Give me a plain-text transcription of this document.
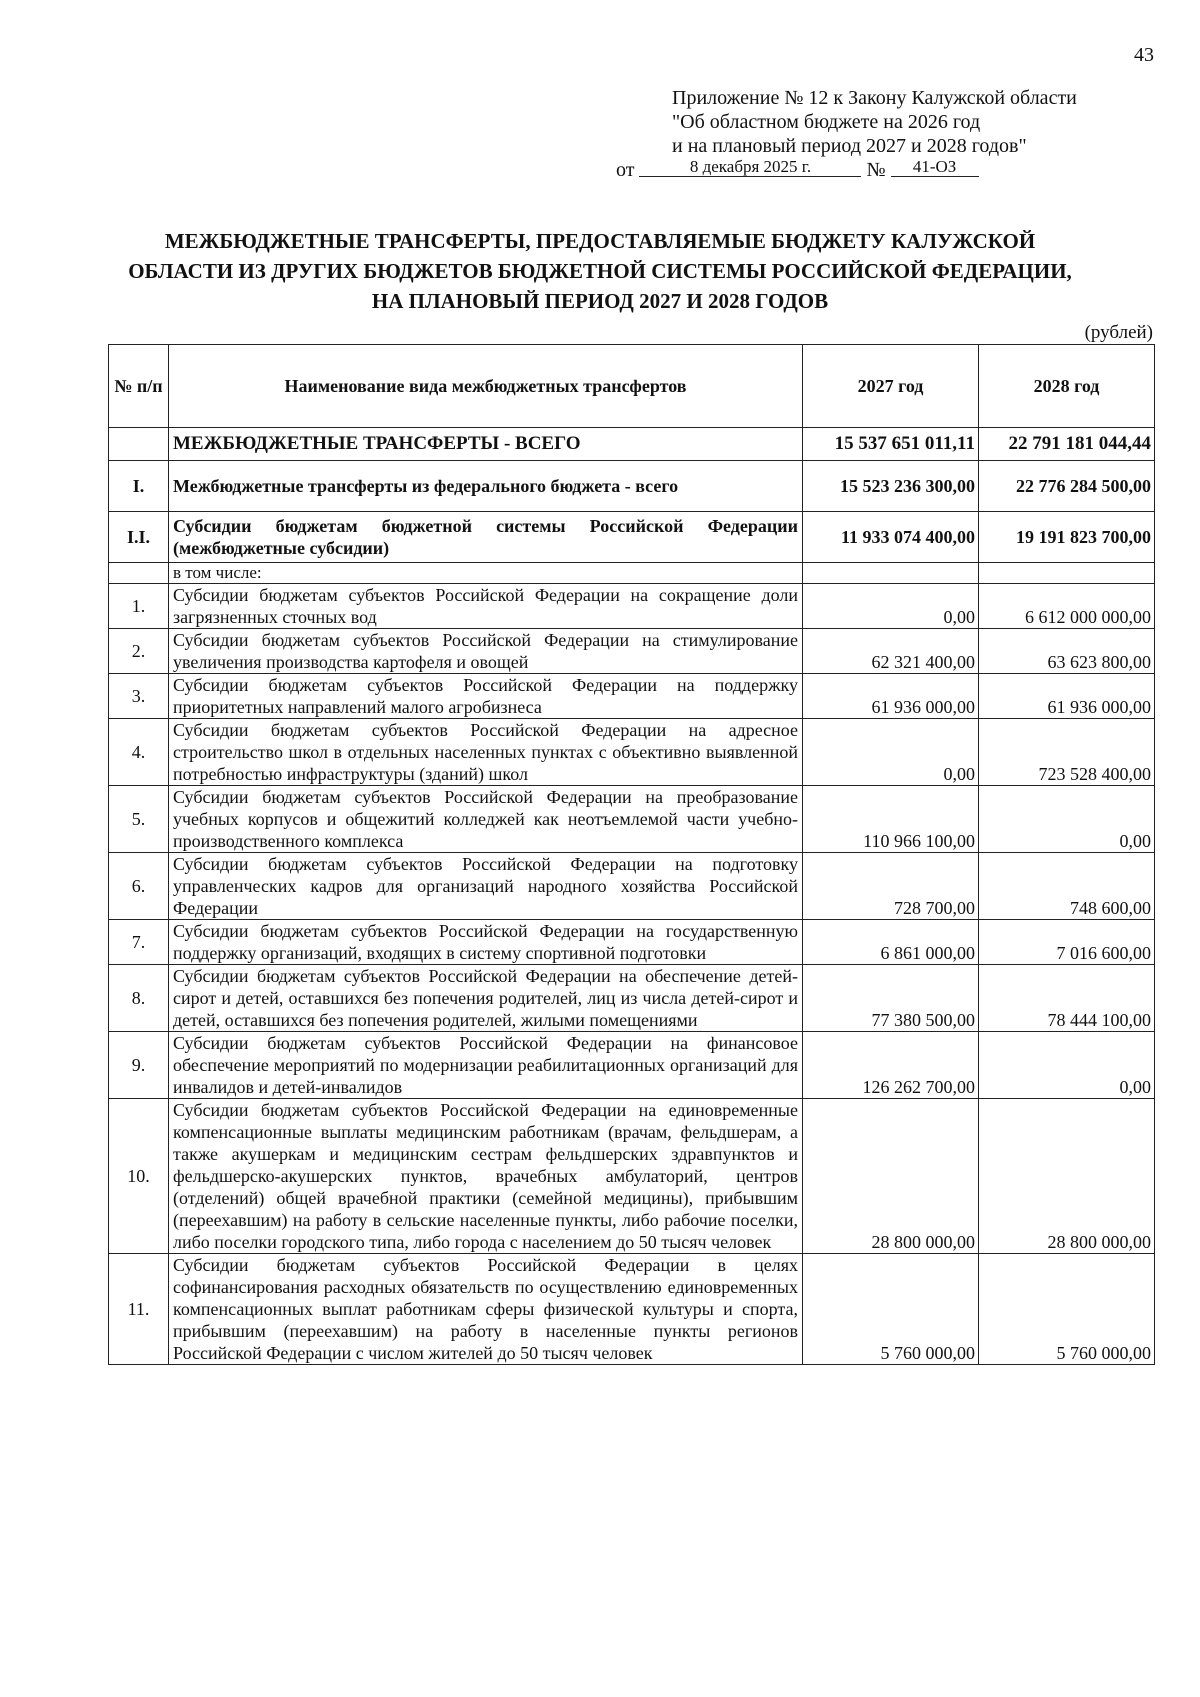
43
Приложение № 12 к Закону Калужской области
"Об областном бюджете на 2026 год
и на плановый период 2027 и 2028 годов"
от	8 декабря 2025 г.	№ 41-ОЗ
МЕЖБЮДЖЕТНЫЕ ТРАНСФЕРТЫ, ПРЕДОСТАВЛЯЕМЫЕ БЮДЖЕТУ КАЛУЖСКОЙ
ОБЛАСТИ ИЗ ДРУГИХ БЮДЖЕТОВ БЮДЖЕТНОЙ СИСТЕМЫ РОССИЙСКОЙ ФЕДЕРАЦИИ,
НА ПЛАНОВЫЙ ПЕРИОД 2027 И 2028 ГОДОВ
(рублей)
№ п/п	Наименование вида межбюджетных трансфертов	2027 год	2028 год
	МЕЖБЮДЖЕТНЫЕ ТРАНСФЕРТЫ - ВСЕГО	15 537 651 011,11	22 791 181 044,44
I.	Межбюджетные трансферты из федерального бюджета - всего	15 523 236 300,00	22 776 284 500,00
I.I.	Субсидии бюджетам бюджетной системы Российской Федерации (межбюджетные субсидии)	11 933 074 400,00	19 191 823 700,00
	в том числе:		
1.	Субсидии бюджетам субъектов Российской Федерации на сокращение доли загрязненных сточных вод	0,00	6 612 000 000,00
2.	Субсидии бюджетам субъектов Российской Федерации на стимулирование увеличения производства картофеля и овощей	62 321 400,00	63 623 800,00
3.	Субсидии бюджетам субъектов Российской Федерации на поддержку приоритетных направлений малого агробизнеса	61 936 000,00	61 936 000,00
4.	Субсидии бюджетам субъектов Российской Федерации на адресное строительство школ в отдельных населенных пунктах с объективно выявленной потребностью инфраструктуры (зданий) школ	0,00	723 528 400,00
5.	Субсидии бюджетам субъектов Российской Федерации на преобразование учебных корпусов и общежитий колледжей как неотъемлемой части учебно-производственного комплекса	110 966 100,00	0,00
6.	Субсидии бюджетам субъектов Российской Федерации на подготовку управленческих кадров для организаций народного хозяйства Российской Федерации	728 700,00	748 600,00
7.	Субсидии бюджетам субъектов Российской Федерации на государственную поддержку организаций, входящих в систему спортивной подготовки	6 861 000,00	7 016 600,00
8.	Субсидии бюджетам субъектов Российской Федерации на обеспечение детей-сирот и детей, оставшихся без попечения родителей, лиц из числа детей-сирот и детей, оставшихся без попечения родителей, жилыми помещениями	77 380 500,00	78 444 100,00
9.	Субсидии бюджетам субъектов Российской Федерации на финансовое обеспечение мероприятий по модернизации реабилитационных организаций для инвалидов и детей-инвалидов	126 262 700,00	0,00
10.	Субсидии бюджетам субъектов Российской Федерации на единовременные компенсационные выплаты медицинским работникам (врачам, фельдшерам, а также акушеркам и медицинским сестрам фельдшерских здравпунктов и фельдшерско-акушерских пунктов, врачебных амбулаторий, центров (отделений) общей врачебной практики (семейной медицины), прибывшим (переехавшим) на работу в сельские населенные пункты, либо рабочие поселки, либо поселки городского типа, либо города с населением до 50 тысяч человек	28 800 000,00	28 800 000,00
11.	Субсидии бюджетам субъектов Российской Федерации в целях софинансирования расходных обязательств по осуществлению единовременных компенсационных выплат работникам сферы физической культуры и спорта, прибывшим (переехавшим) на работу в населенные пункты регионов Российской Федерации с числом жителей до 50 тысяч человек	5 760 000,00	5 760 000,00
